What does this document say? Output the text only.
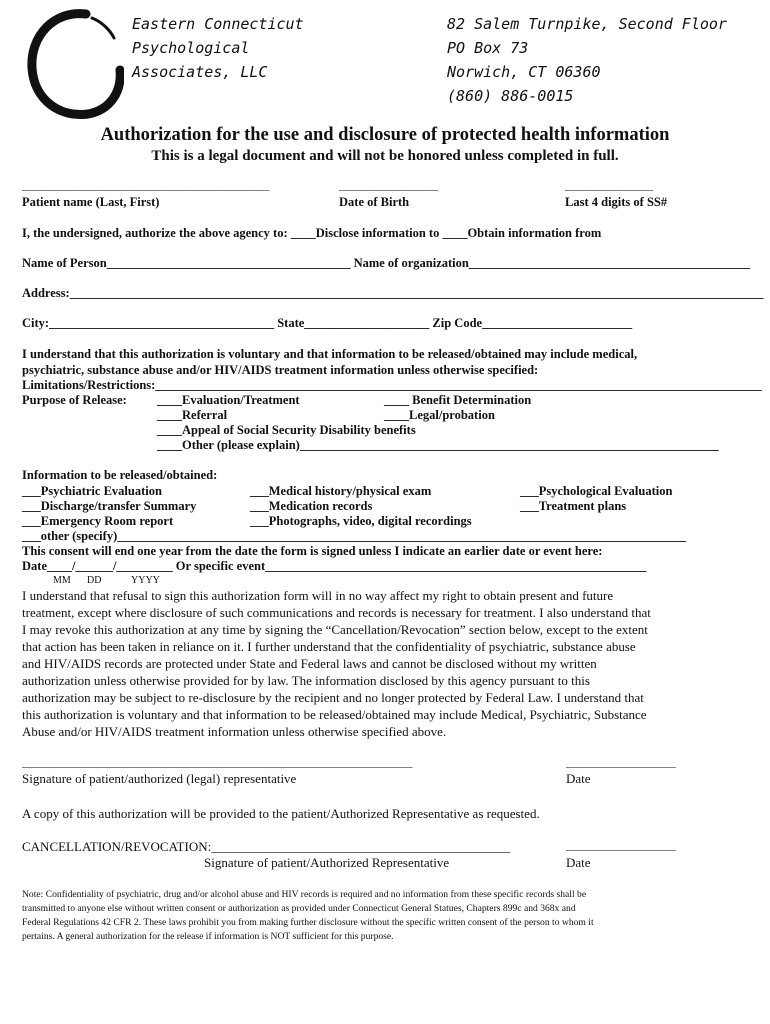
Eastern Connecticut
Psychological
Associates, LLC
82 Salem Turnpike, Second Floor
PO Box 73
Norwich, CT 06360
(860) 886-0015
Authorization for the use and disclosure of protected health information
This is a legal document and will not be honored unless completed in full.
_____________________________________________	__________________	________________
Patient name (Last, First)	Date of Birth	Last 4 digits of SS#
I, the undersigned, authorize the above agency to: ____Disclose information to ____Obtain information from
Name of Person_______________________________________ Name of organization_____________________________________________
Address:_______________________________________________________________________________________________________________
City:____________________________________ State____________________ Zip Code________________________
I understand that this authorization is voluntary and that information to be released/obtained may include medical,
psychiatric, substance abuse and/or HIV/AIDS treatment information unless otherwise specified:
Limitations/Restrictions:_________________________________________________________________________________________________
Purpose of Release: ____Evaluation/Treatment	____ Benefit Determination
____Referral	____Legal/probation
____Appeal of Social Security Disability benefits
____Other (please explain)___________________________________________________________________
Information to be released/obtained:
___Psychiatric Evaluation	___Medical history/physical exam	___Psychological Evaluation
___Discharge/transfer Summary	___Medication records	___Treatment plans
___Emergency Room report	___Photographs, video, digital recordings
___other (specify)___________________________________________________________________________________________
This consent will end one year from the date the form is signed unless I indicate an earlier date or event here:
Date____/______/_________ Or specific event_____________________________________________________________
MM DD	YYYY
I understand that refusal to sign this authorization form will in no way affect my right to obtain present and future
treatment, except where disclosure of such communications and records is necessary for treatment. I also understand that
I may revoke this authorization at any time by signing the “Cancellation/Revocation” section below, except to the extent
that action has been taken in reliance on it. I further understand that the confidentiality of psychiatric, substance abuse
and HIV/AIDS records are protected under State and Federal laws and cannot be disclosed without my written
authorization unless otherwise provided for by law. The information disclosed by this agency pursuant to this
authorization may be subject to re-disclosure by the recipient and no longer protected by Federal Law. I understand that
this authorization is voluntary and that information to be released/obtained may include Medical, Psychiatric, Substance
Abuse and/or HIV/AIDS treatment information unless otherwise specified above.
_______________________________________________________________________	____________________
Signature of patient/authorized (legal) representative	Date
A copy of this authorization will be provided to the patient/Authorized Representative as requested.
CANCELLATION/REVOCATION:______________________________________________	____________________
Signature of patient/Authorized Representative	Date
Note: Confidentiality of psychiatric, drug and/or alcohol abuse and HIV records is required and no information from these specific records shall be
transmitted to anyone else without written consent or authorization as provided under Connecticut General Statues, Chapters 899c and 368x and
Federal Regulations 42 CFR 2. These laws prohibit you from making further disclosure without the specific written consent of the person to whom it
pertains. A general authorization for the release if information is NOT sufficient for this purpose.
